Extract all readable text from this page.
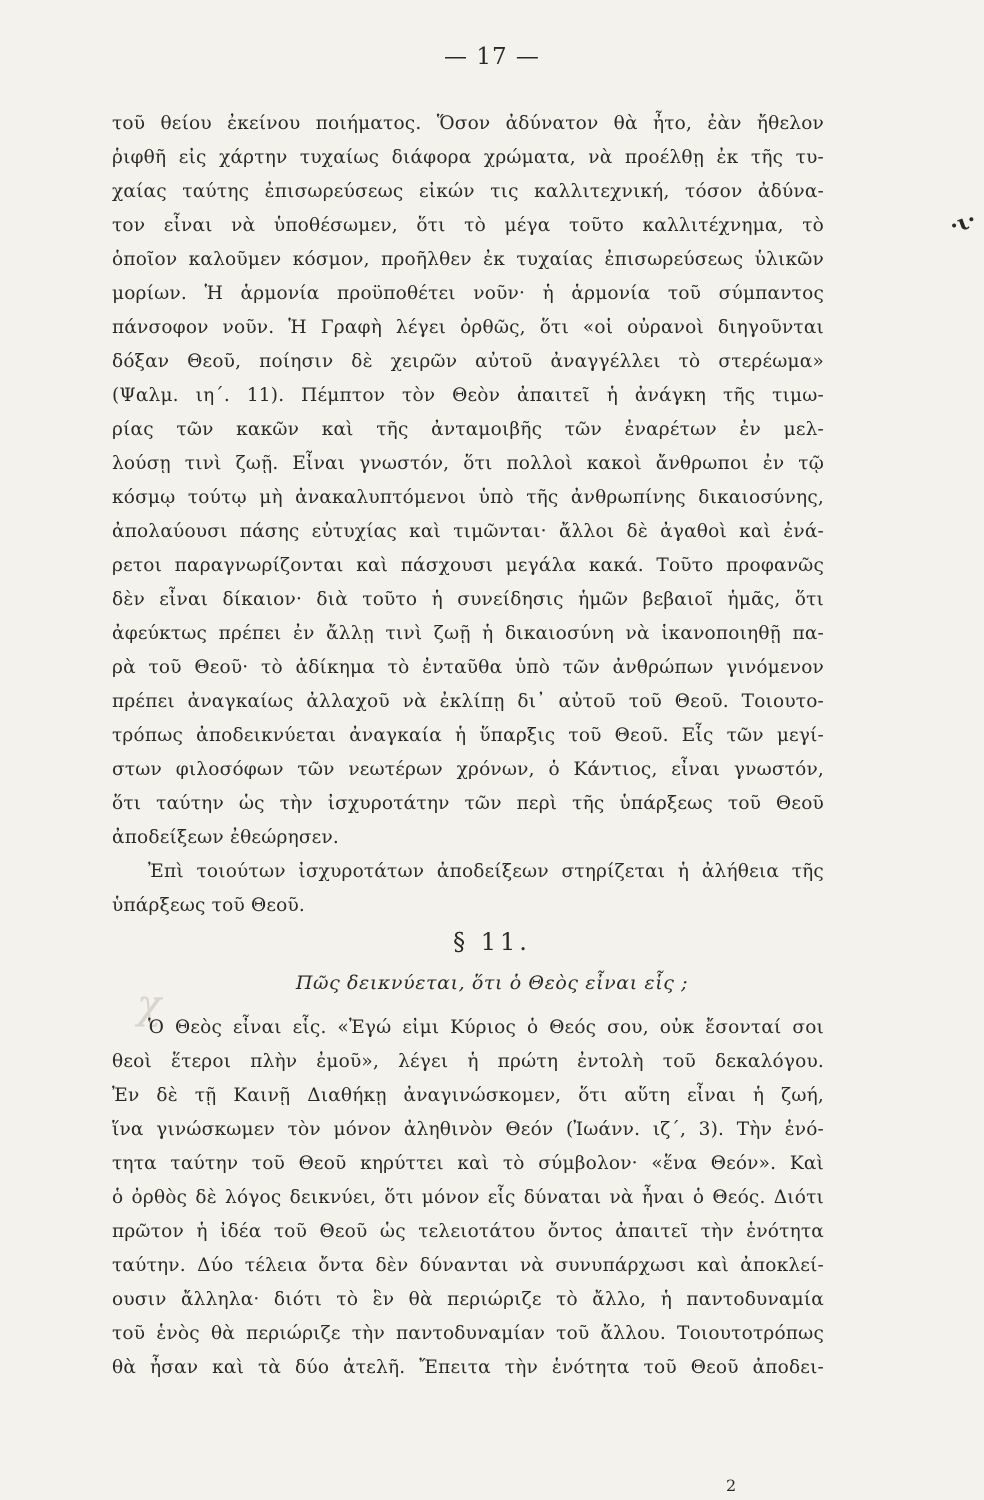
— 17 —
·ι·
τοῦ θείου ἐκείνου ποιήματος. Ὅσον ἀδύνατον θὰ ἦτο, ἐὰν ἤθελον
ῥιφθῆ εἰς χάρτην τυχαίως διάφορα χρώματα, νὰ προέλθῃ ἐκ τῆς τυ-
χαίας ταύτης ἐπισωρεύσεως εἰκών τις καλλιτεχνική, τόσον ἀδύνα-
τον εἶναι νὰ ὑποθέσωμεν, ὅτι τὸ μέγα τοῦτο καλλιτέχνημα, τὸ
ὁποῖον καλοῦμεν κόσμον, προῆλθεν ἐκ τυχαίας ἐπισωρεύσεως ὑλικῶν
μορίων. Ἡ ἁρμονία προϋποθέτει νοῦν· ἡ ἁρμονία τοῦ σύμπαντος
πάνσοφον νοῦν. Ἡ Γραφὴ λέγει ὀρθῶς, ὅτι «οἱ οὐρανοὶ διηγοῦνται
δόξαν Θεοῦ, ποίησιν δὲ χειρῶν αὐτοῦ ἀναγγέλλει τὸ στερέωμα»
(Ψαλμ. ιη΄. 11). Πέμπτον τὸν Θεὸν ἀπαιτεῖ ἡ ἀνάγκη τῆς τιμω-
ρίας τῶν κακῶν καὶ τῆς ἀνταμοιβῆς τῶν ἐναρέτων ἐν μελ-
λούσῃ τινὶ ζωῇ. Εἶναι γνωστόν, ὅτι πολλοὶ κακοὶ ἄνθρωποι ἐν τῷ
κόσμῳ τούτῳ μὴ ἀνακαλυπτόμενοι ὑπὸ τῆς ἀνθρωπίνης δικαιοσύνης,
ἀπολαύουσι πάσης εὐτυχίας καὶ τιμῶνται· ἄλλοι δὲ ἀγαθοὶ καὶ ἐνά-
ρετοι παραγνωρίζονται καὶ πάσχουσι μεγάλα κακά. Τοῦτο προφανῶς
δὲν εἶναι δίκαιον· διὰ τοῦτο ἡ συνείδησις ἡμῶν βεβαιοῖ ἡμᾶς, ὅτι
ἀφεύκτως πρέπει ἐν ἄλλῃ τινὶ ζωῇ ἡ δικαιοσύνη νὰ ἱκανοποιηθῇ πα-
ρὰ τοῦ Θεοῦ· τὸ ἀδίκημα τὸ ἐνταῦθα ὑπὸ τῶν ἀνθρώπων γινόμενον
πρέπει ἀναγκαίως ἀλλαχοῦ νὰ ἐκλίπῃ δι᾽ αὐτοῦ τοῦ Θεοῦ. Τοιουτο-
τρόπως ἀποδεικνύεται ἀναγκαία ἡ ὕπαρξις τοῦ Θεοῦ. Εἷς τῶν μεγί-
στων φιλοσόφων τῶν νεωτέρων χρόνων, ὁ Κάντιος, εἶναι γνωστόν,
ὅτι ταύτην ὡς τὴν ἰσχυροτάτην τῶν περὶ τῆς ὑπάρξεως τοῦ Θεοῦ
ἀποδείξεων ἐθεώρησεν.
Ἐπὶ τοιούτων ἰσχυροτάτων ἀποδείξεων στηρίζεται ἡ ἀλήθεια τῆς
ὑπάρξεως τοῦ Θεοῦ.
χ
§ 11.
Πῶς δεικνύεται, ὅτι ὁ Θεὸς εἶναι εἷς ;
Ὁ Θεὸς εἶναι εἷς. «Ἐγώ εἰμι Κύριος ὁ Θεός σου, οὐκ ἔσονταί σοι
θεοὶ ἕτεροι πλὴν ἐμοῦ», λέγει ἡ πρώτη ἐντολὴ τοῦ δεκαλόγου.
Ἐν δὲ τῇ Καινῇ Διαθήκῃ ἀναγινώσκομεν, ὅτι αὕτη εἶναι ἡ ζωή,
ἵνα γινώσκωμεν τὸν μόνον ἀληθινὸν Θεόν (Ἰωάνν. ιζ΄, 3). Τὴν ἑνό-
τητα ταύτην τοῦ Θεοῦ κηρύττει καὶ τὸ σύμβολον· «ἕνα Θεόν». Καὶ
ὁ ὀρθὸς δὲ λόγος δεικνύει, ὅτι μόνον εἷς δύναται νὰ ἦναι ὁ Θεός. Διότι
πρῶτον ἡ ἰδέα τοῦ Θεοῦ ὡς τελειοτάτου ὄντος ἀπαιτεῖ τὴν ἑνότητα
ταύτην. Δύο τέλεια ὄντα δὲν δύνανται νὰ συνυπάρχωσι καὶ ἀποκλεί-
ουσιν ἄλληλα· διότι τὸ ἓν θὰ περιώριζε τὸ ἄλλο, ἡ παντοδυναμία
τοῦ ἑνὸς θὰ περιώριζε τὴν παντοδυναμίαν τοῦ ἄλλου. Τοιουτοτρόπως
θὰ ἦσαν καὶ τὰ δύο ἀτελῆ. Ἔπειτα τὴν ἑνότητα τοῦ Θεοῦ ἀποδει-
2
